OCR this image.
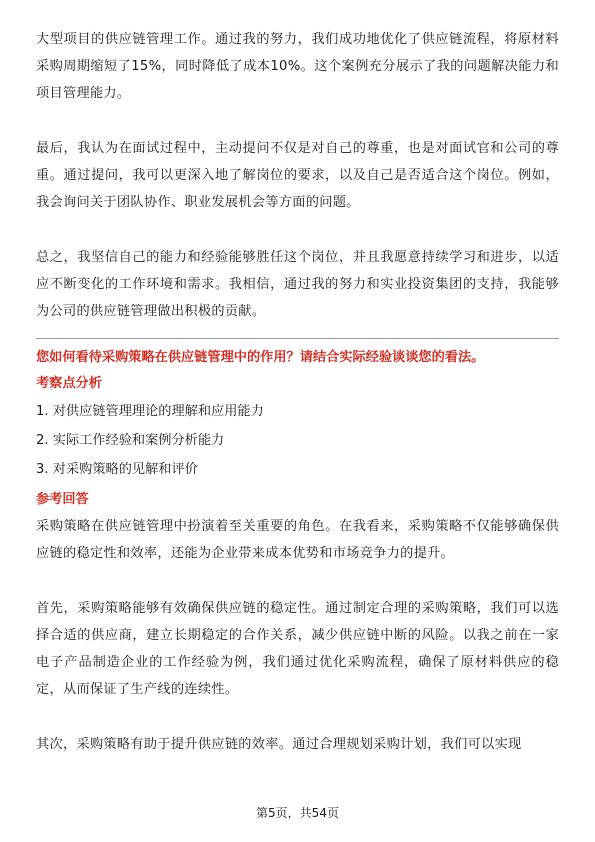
大型项目的供应链管理工作。通过我的努力，我们成功地优化了供应链流程，将原材料采购周期缩短了15%，同时降低了成本10%。这个案例充分展示了我的问题解决能力和项目管理能力。

最后，我认为在面试过程中，主动提问不仅是对自己的尊重，也是对面试官和公司的尊重。通过提问，我可以更深入地了解岗位的要求，以及自己是否适合这个岗位。例如，我会询问关于团队协作、职业发展机会等方面的问题。

总之，我坚信自己的能力和经验能够胜任这个岗位，并且我愿意持续学习和进步，以适应不断变化的工作环境和需求。我相信，通过我的努力和实业投资集团的支持，我能够为公司的供应链管理做出积极的贡献。

您如何看待采购策略在供应链管理中的作用？请结合实际经验谈谈您的看法。

考察点分析

1. 对供应链管理理论的理解和应用能力
2. 实际工作经验和案例分析能力
3. 对采购策略的见解和评价

参考回答

采购策略在供应链管理中扮演着至关重要的角色。在我看来，采购策略不仅能够确保供应链的稳定性和效率，还能为企业带来成本优势和市场竞争力的提升。

首先，采购策略能够有效确保供应链的稳定性。通过制定合理的采购策略，我们可以选择合适的供应商，建立长期稳定的合作关系，减少供应链中断的风险。以我之前在一家电子产品制造企业的工作经验为例，我们通过优化采购流程，确保了原材料供应的稳定，从而保证了生产线的连续性。

其次，采购策略有助于提升供应链的效率。通过合理规划采购计划，我们可以实现

第5页，共54页
